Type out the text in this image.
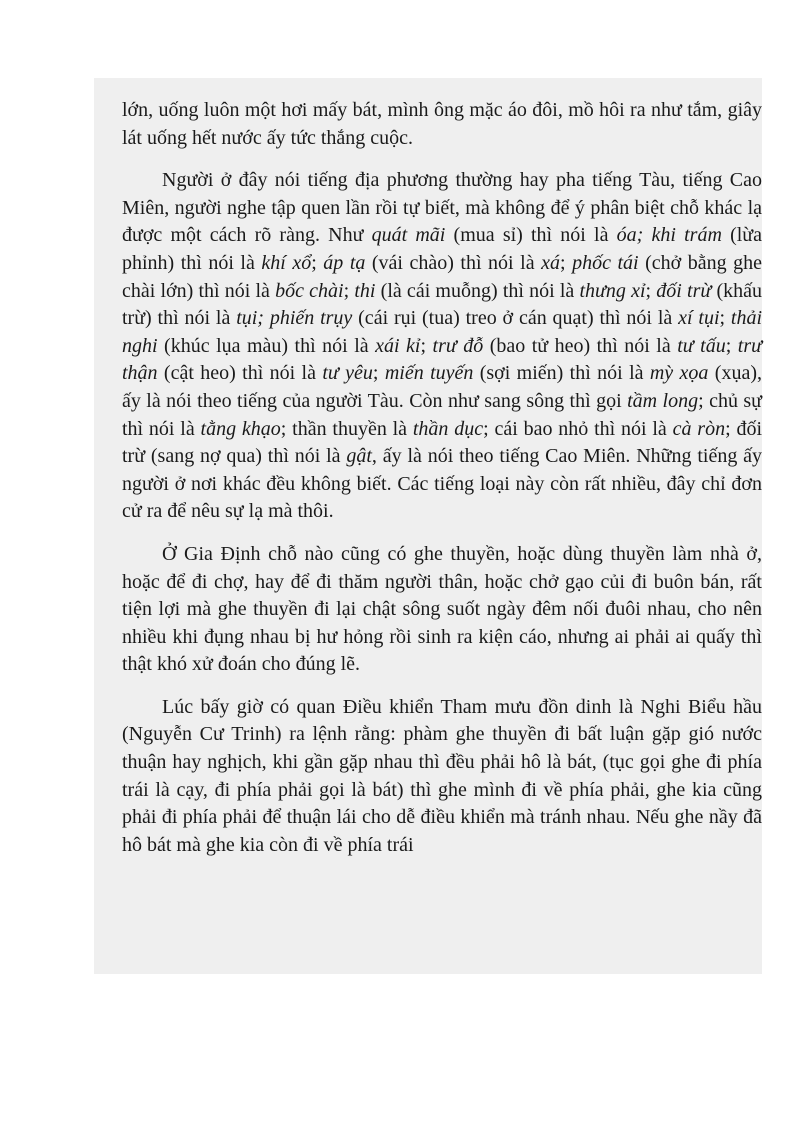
lớn, uống luôn một hơi mấy bát, mình ông mặc áo đôi, mồ hôi ra như tắm, giây lát uống hết nước ấy tức thắng cuộc.

Người ở đây nói tiếng địa phương thường hay pha tiếng Tàu, tiếng Cao Miên, người nghe tập quen lần rồi tự biết, mà không để ý phân biệt chỗ khác lạ được một cách rõ ràng. Như quát mãi (mua sỉ) thì nói là óa; khi trám (lừa phỉnh) thì nói là khí xổ; áp tạ (vái chào) thì nói là xá; phốc tái (chở bằng ghe chài lớn) thì nói là bốc chài; thi (là cái muỗng) thì nói là thưng xỉ; đối trừ (khấu trừ) thì nói là tụi; phiến trụy (cái rụi (tua) treo ở cán quạt) thì nói là xí tụi; thải nghi (khúc lụa màu) thì nói là xái kỉ; trư đỗ (bao tử heo) thì nói là tư tấu; trư thận (cật heo) thì nói là tư yêu; miến tuyến (sợi miến) thì nói là mỳ xọa (xụa), ấy là nói theo tiếng của người Tàu. Còn như sang sông thì gọi tầm long; chủ sự thì nói là tằng khạo; thần thuyền là thần dục; cái bao nhỏ thì nói là cà ròn; đối trừ (sang nợ qua) thì nói là gật, ấy là nói theo tiếng Cao Miên. Những tiếng ấy người ở nơi khác đều không biết. Các tiếng loại này còn rất nhiều, đây chỉ đơn cử ra để nêu sự lạ mà thôi.

Ở Gia Định chỗ nào cũng có ghe thuyền, hoặc dùng thuyền làm nhà ở, hoặc để đi chợ, hay để đi thăm người thân, hoặc chở gạo củi đi buôn bán, rất tiện lợi mà ghe thuyền đi lại chật sông suốt ngày đêm nối đuôi nhau, cho nên nhiều khi đụng nhau bị hư hỏng rồi sinh ra kiện cáo, nhưng ai phải ai quấy thì thật khó xử đoán cho đúng lẽ.

Lúc bấy giờ có quan Điều khiển Tham mưu đồn dinh là Nghi Biểu hầu (Nguyễn Cư Trinh) ra lệnh rằng: phàm ghe thuyền đi bất luận gặp gió nước thuận hay nghịch, khi gần gặp nhau thì đều phải hô là bát, (tục gọi ghe đi phía trái là cạy, đi phía phải gọi là bát) thì ghe mình đi về phía phải, ghe kia cũng phải đi phía phải để thuận lái cho dễ điều khiển mà tránh nhau. Nếu ghe nầy đã hô bát mà ghe kia còn đi về phía trái
